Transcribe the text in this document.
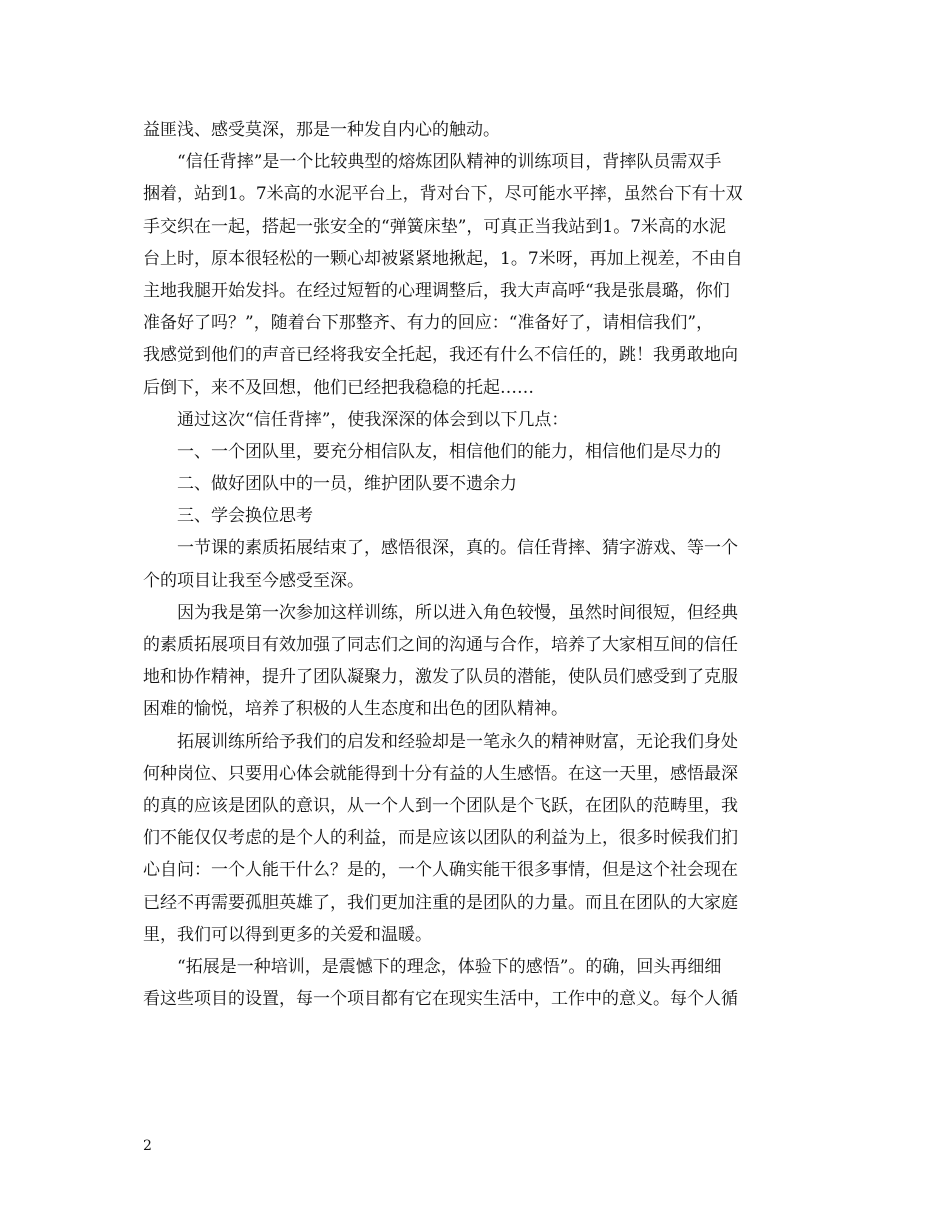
益匪浅、感受莫深，那是一种发自内心的触动。
“信任背摔”是一个比较典型的熔炼团队精神的训练项目，背摔队员需双手
捆着，站到1。7米高的水泥平台上，背对台下，尽可能水平摔，虽然台下有十双
手交织在一起，搭起一张安全的“弹簧床垫”，可真正当我站到1。7米高的水泥
台上时，原本很轻松的一颗心却被紧紧地揪起，1。7米呀，再加上视差，不由自
主地我腿开始发抖。在经过短暂的心理调整后，我大声高呼“我是张晨璐，你们
准备好了吗？”，随着台下那整齐、有力的回应：“准备好了，请相信我们”，
我感觉到他们的声音已经将我安全托起，我还有什么不信任的，跳！我勇敢地向
后倒下，来不及回想，他们已经把我稳稳的托起……
通过这次“信任背摔”，使我深深的体会到以下几点：
一、一个团队里，要充分相信队友，相信他们的能力，相信他们是尽力的
二、做好团队中的一员，维护团队要不遗余力
三、学会换位思考
一节课的素质拓展结束了，感悟很深，真的。信任背摔、猜字游戏、等一个
个的项目让我至今感受至深。
因为我是第一次参加这样训练，所以进入角色较慢，虽然时间很短，但经典
的素质拓展项目有效加强了同志们之间的沟通与合作，培养了大家相互间的信任
地和协作精神，提升了团队凝聚力，激发了队员的潜能，使队员们感受到了克服
困难的愉悦，培养了积极的人生态度和出色的团队精神。
拓展训练所给予我们的启发和经验却是一笔永久的精神财富，无论我们身处
何种岗位、只要用心体会就能得到十分有益的人生感悟。在这一天里，感悟最深
的真的应该是团队的意识，从一个人到一个团队是个飞跃，在团队的范畴里，我
们不能仅仅考虑的是个人的利益，而是应该以团队的利益为上，很多时候我们扪
心自问：一个人能干什么？是的，一个人确实能干很多事情，但是这个社会现在
已经不再需要孤胆英雄了，我们更加注重的是团队的力量。而且在团队的大家庭
里，我们可以得到更多的关爱和温暖。
“拓展是一种培训，是震憾下的理念，体验下的感悟”。的确，回头再细细
看这些项目的设置，每一个项目都有它在现实生活中，工作中的意义。每个人循
2
